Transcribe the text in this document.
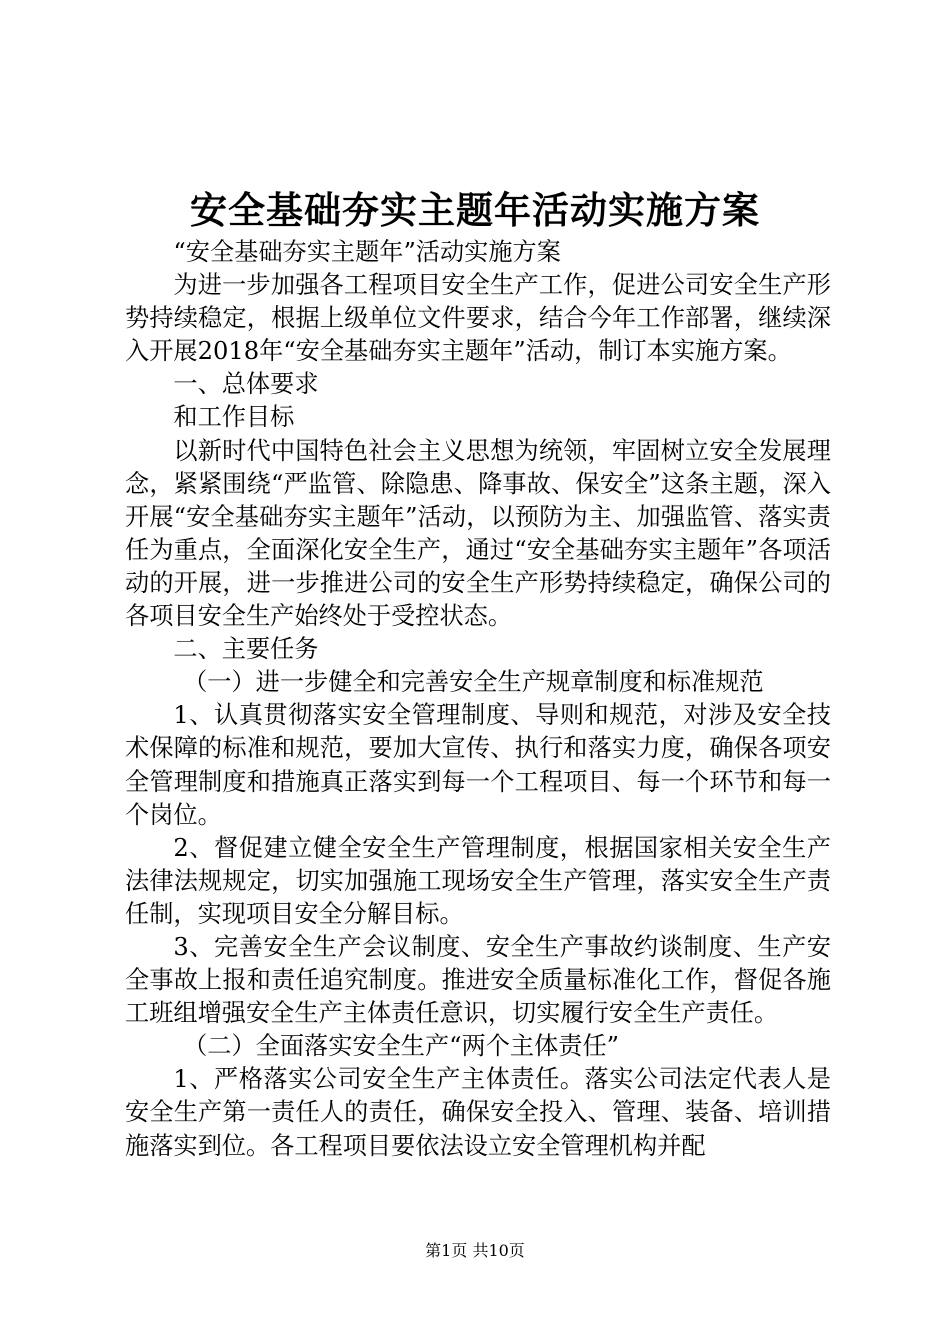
安全基础夯实主题年活动实施方案

“安全基础夯实主题年”活动实施方案

为进一步加强各工程项目安全生产工作，促进公司安全生产形势持续稳定，根据上级单位文件要求，结合今年工作部署，继续深入开展2018年“安全基础夯实主题年”活动，制订本实施方案。

一、总体要求

和工作目标

以新时代中国特色社会主义思想为统领，牢固树立安全发展理念，紧紧围绕“严监管、除隐患、降事故、保安全”这条主题，深入开展“安全基础夯实主题年”活动，以预防为主、加强监管、落实责任为重点，全面深化安全生产，通过“安全基础夯实主题年”各项活动的开展，进一步推进公司的安全生产形势持续稳定，确保公司的各项目安全生产始终处于受控状态。

二、主要任务

（一）进一步健全和完善安全生产规章制度和标准规范

1、认真贯彻落实安全管理制度、导则和规范，对涉及安全技术保障的标准和规范，要加大宣传、执行和落实力度，确保各项安全管理制度和措施真正落实到每一个工程项目、每一个环节和每一个岗位。

2、督促建立健全安全生产管理制度，根据国家相关安全生产法律法规规定，切实加强施工现场安全生产管理，落实安全生产责任制，实现项目安全分解目标。

3、完善安全生产会议制度、安全生产事故约谈制度、生产安全事故上报和责任追究制度。推进安全质量标准化工作，督促各施工班组增强安全生产主体责任意识，切实履行安全生产责任。

（二）全面落实安全生产“两个主体责任”

1、严格落实公司安全生产主体责任。落实公司法定代表人是安全生产第一责任人的责任，确保安全投入、管理、装备、培训措施落实到位。各工程项目要依法设立安全管理机构并配

第1页 共10页
